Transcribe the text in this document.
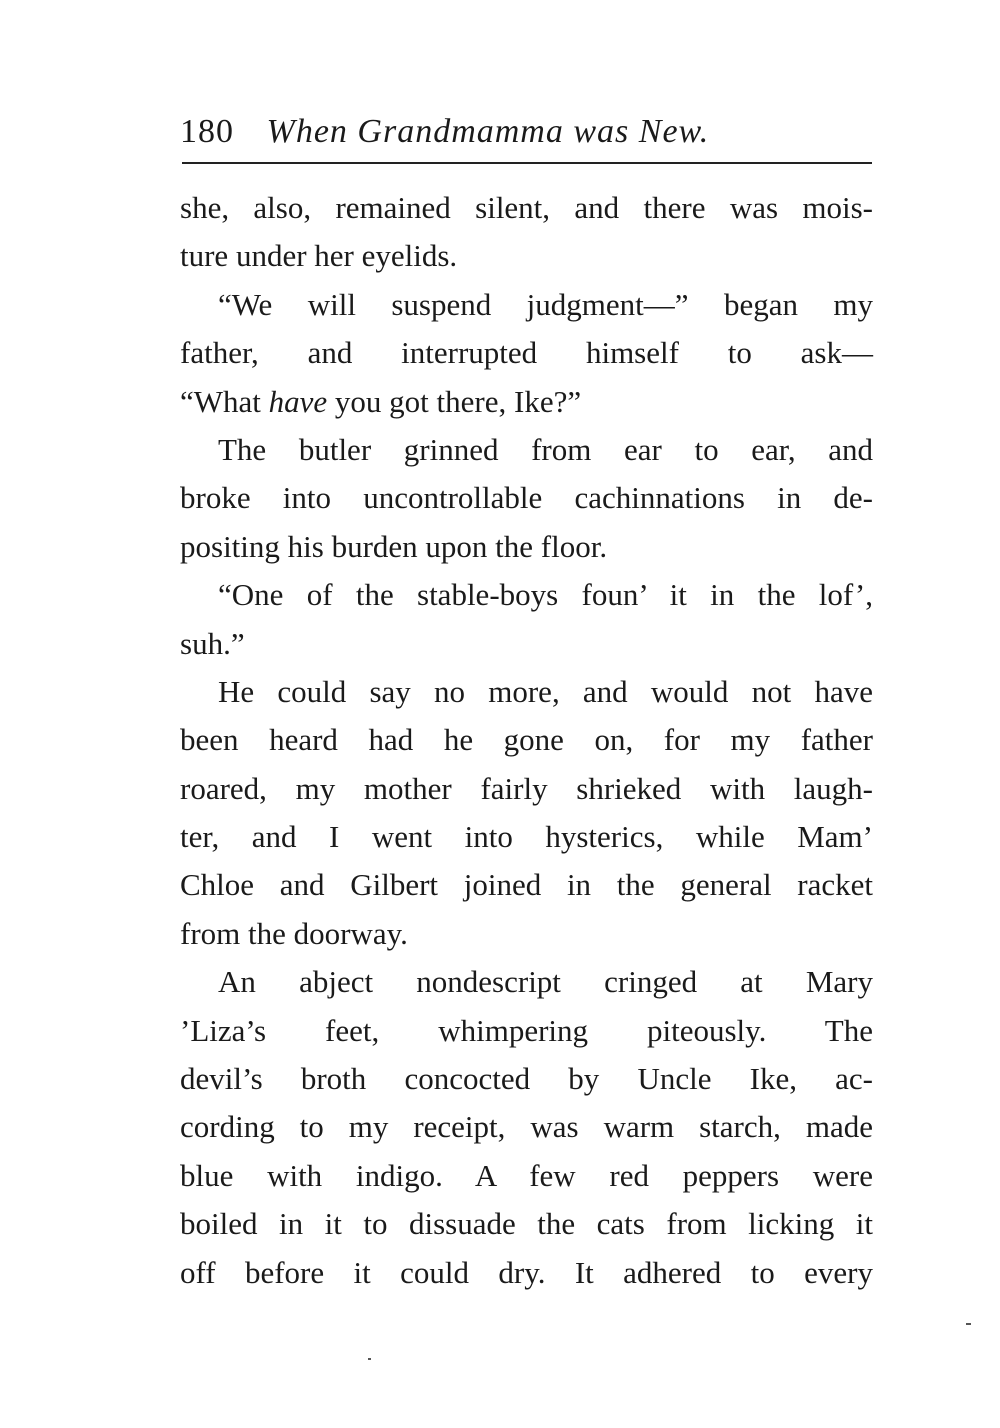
180 When Grandmamma was New.
she, also, remained silent, and there was mois-
ture under her eyelids.
“We will suspend judgment—” began my
father, and interrupted himself to ask—
“What have you got there, Ike?”
The butler grinned from ear to ear, and
broke into uncontrollable cachinnations in de-
positing his burden upon the floor.
“One of the stable-boys foun’ it in the lof’,
suh.”
He could say no more, and would not have
been heard had he gone on, for my father
roared, my mother fairly shrieked with laugh-
ter, and I went into hysterics, while Mam’
Chloe and Gilbert joined in the general racket
from the doorway.
An abject nondescript cringed at Mary
’Liza’s feet, whimpering piteously. The
devil’s broth concocted by Uncle Ike, ac-
cording to my receipt, was warm starch, made
blue with indigo. A few red peppers were
boiled in it to dissuade the cats from licking it
off before it could dry. It adhered to every
